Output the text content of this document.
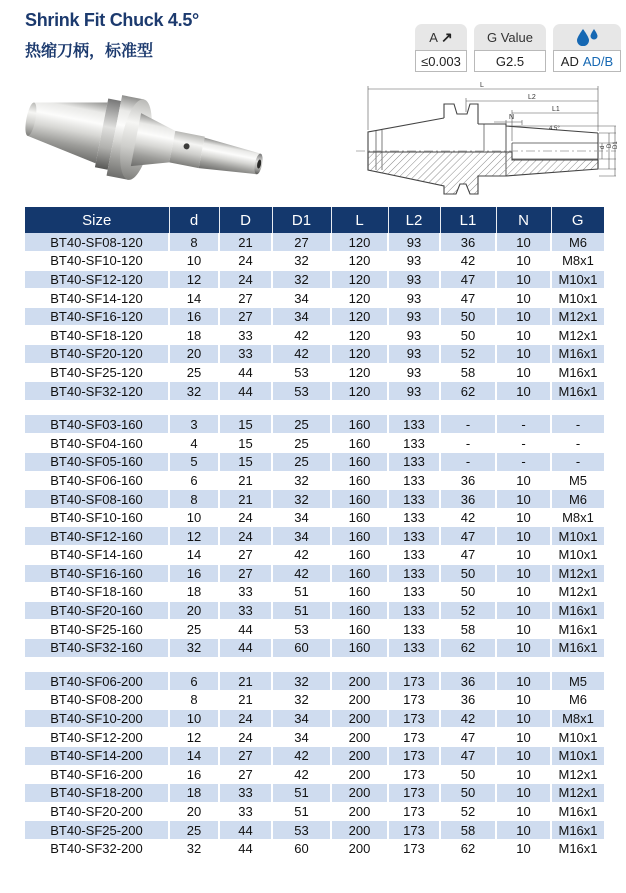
Shrink Fit Chuck 4.5°
热缩刀柄，标准型
A ↗
≤0.003
G Value
G2.5	AD AD/B
L
L2
L1
N
4.5°
d D D1
Size	d	D	D1	L	L2	L1	N	G
BT40-SF08-120	8	21	27	120	93	36	10	M6
BT40-SF10-120	10	24	32	120	93	42	10	M8x1
BT40-SF12-120	12	24	32	120	93	47	10	M10x1
BT40-SF14-120	14	27	34	120	93	47	10	M10x1
BT40-SF16-120	16	27	34	120	93	50	10	M12x1
BT40-SF18-120	18	33	42	120	93	50	10	M12x1
BT40-SF20-120	20	33	42	120	93	52	10	M16x1
BT40-SF25-120	25	44	53	120	93	58	10	M16x1
BT40-SF32-120	32	44	53	120	93	62	10	M16x1

BT40-SF03-160	3	15	25	160	133	-	-	-
BT40-SF04-160	4	15	25	160	133	-	-	-
BT40-SF05-160	5	15	25	160	133	-	-	-
BT40-SF06-160	6	21	32	160	133	36	10	M5
BT40-SF08-160	8	21	32	160	133	36	10	M6
BT40-SF10-160	10	24	34	160	133	42	10	M8x1
BT40-SF12-160	12	24	34	160	133	47	10	M10x1
BT40-SF14-160	14	27	42	160	133	47	10	M10x1
BT40-SF16-160	16	27	42	160	133	50	10	M12x1
BT40-SF18-160	18	33	51	160	133	50	10	M12x1
BT40-SF20-160	20	33	51	160	133	52	10	M16x1
BT40-SF25-160	25	44	53	160	133	58	10	M16x1
BT40-SF32-160	32	44	60	160	133	62	10	M16x1

BT40-SF06-200	6	21	32	200	173	36	10	M5
BT40-SF08-200	8	21	32	200	173	36	10	M6
BT40-SF10-200	10	24	34	200	173	42	10	M8x1
BT40-SF12-200	12	24	34	200	173	47	10	M10x1
BT40-SF14-200	14	27	42	200	173	47	10	M10x1
BT40-SF16-200	16	27	42	200	173	50	10	M12x1
BT40-SF18-200	18	33	51	200	173	50	10	M12x1
BT40-SF20-200	20	33	51	200	173	52	10	M16x1
BT40-SF25-200	25	44	53	200	173	58	10	M16x1
BT40-SF32-200	32	44	60	200	173	62	10	M16x1
